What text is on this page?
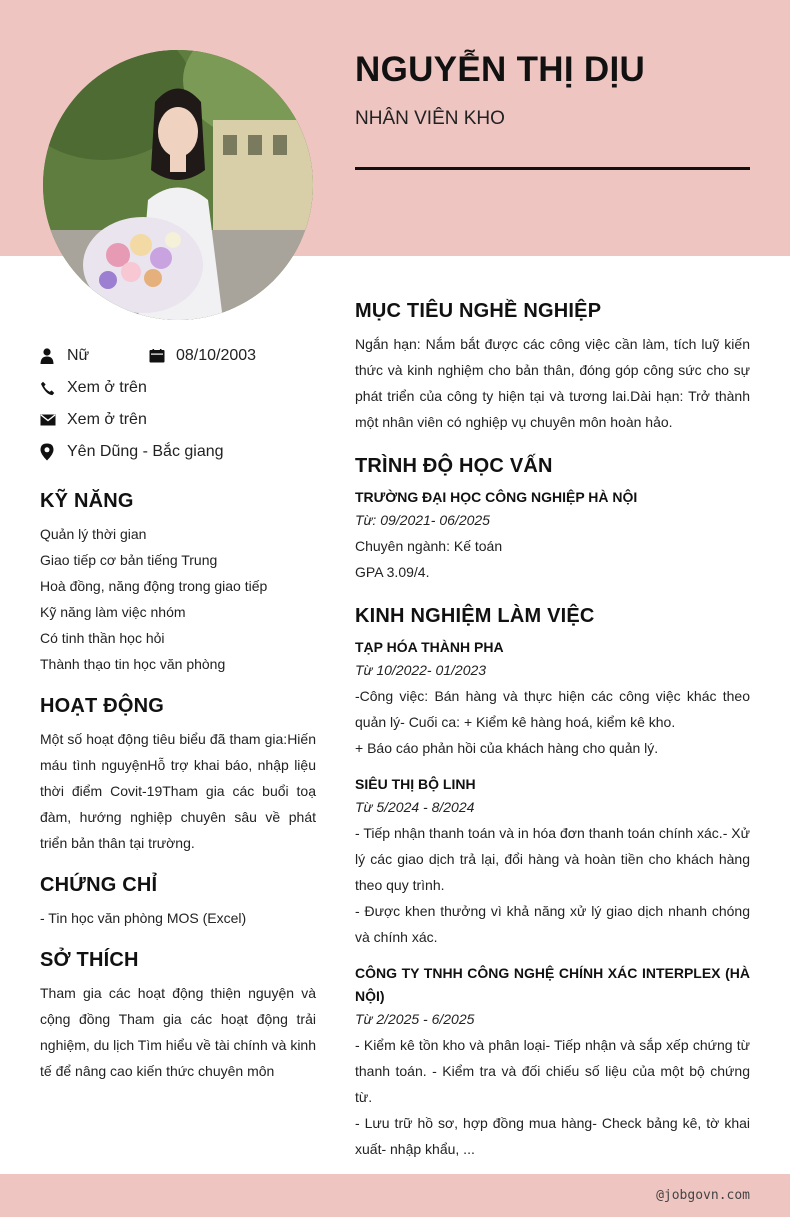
NGUYỄN THỊ DỊU
NHÂN VIÊN KHO
Nữ	08/10/2003
Xem ở trên
Xem ở trên
Yên Dũng - Bắc giang
KỸ NĂNG
Quản lý thời gian
Giao tiếp cơ bản tiếng Trung
Hoà đồng, năng động trong giao tiếp
Kỹ năng làm việc nhóm
Có tinh thần học hỏi
Thành thạo tin học văn phòng
HOẠT ĐỘNG
Một số hoạt động tiêu biểu đã tham gia:Hiến máu tình nguyệnHỗ trợ khai báo, nhập liệu thời điểm Covit-19Tham gia các buổi toạ đàm, hướng nghiệp chuyên sâu về phát triển bản thân tại trường.
CHỨNG CHỈ
- Tin học văn phòng MOS (Excel)
SỞ THÍCH
Tham gia các hoạt động thiện nguyện và cộng đồng Tham gia các hoạt động trải nghiệm, du lịch Tìm hiểu về tài chính và kinh tế để nâng cao kiến thức chuyên môn
MỤC TIÊU NGHỀ NGHIỆP
Ngắn hạn: Nắm bắt được các công việc cần làm, tích luỹ kiến thức và kinh nghiệm cho bản thân, đóng góp công sức cho sự phát triển của công ty hiện tại và tương lai.Dài hạn: Trở thành một nhân viên có nghiệp vụ chuyên môn hoàn hảo.
TRÌNH ĐỘ HỌC VẤN
TRƯỜNG ĐẠI HỌC CÔNG NGHIỆP HÀ NỘI
Từ: 09/2021- 06/2025
Chuyên ngành: Kế toán
GPA 3.09/4.
KINH NGHIỆM LÀM VIỆC
TẠP HÓA THÀNH PHA
Từ 10/2022- 01/2023
-Công việc: Bán hàng và thực hiện các công việc khác theo quản lý- Cuối ca: + Kiểm kê hàng hoá, kiểm kê kho.
+ Báo cáo phản hồi của khách hàng cho quản lý.
SIÊU THỊ BỘ LINH
Từ 5/2024 - 8/2024
- Tiếp nhận thanh toán và in hóa đơn thanh toán chính xác.- Xử lý các giao dịch trả lại, đổi hàng và hoàn tiền cho khách hàng theo quy trình.
- Được khen thưởng vì khả năng xử lý giao dịch nhanh chóng và chính xác.
CÔNG TY TNHH CÔNG NGHỆ CHÍNH XÁC INTERPLEX (HÀ NỘI)
Từ 2/2025 - 6/2025
- Kiểm kê tồn kho và phân loại- Tiếp nhận và sắp xếp chứng từ thanh toán. - Kiểm tra và đối chiếu số liệu của một bộ chứng từ.
- Lưu trữ hồ sơ, hợp đồng mua hàng- Check bảng kê, tờ khai xuất- nhập khẩu, ...
@jobgovn.com
